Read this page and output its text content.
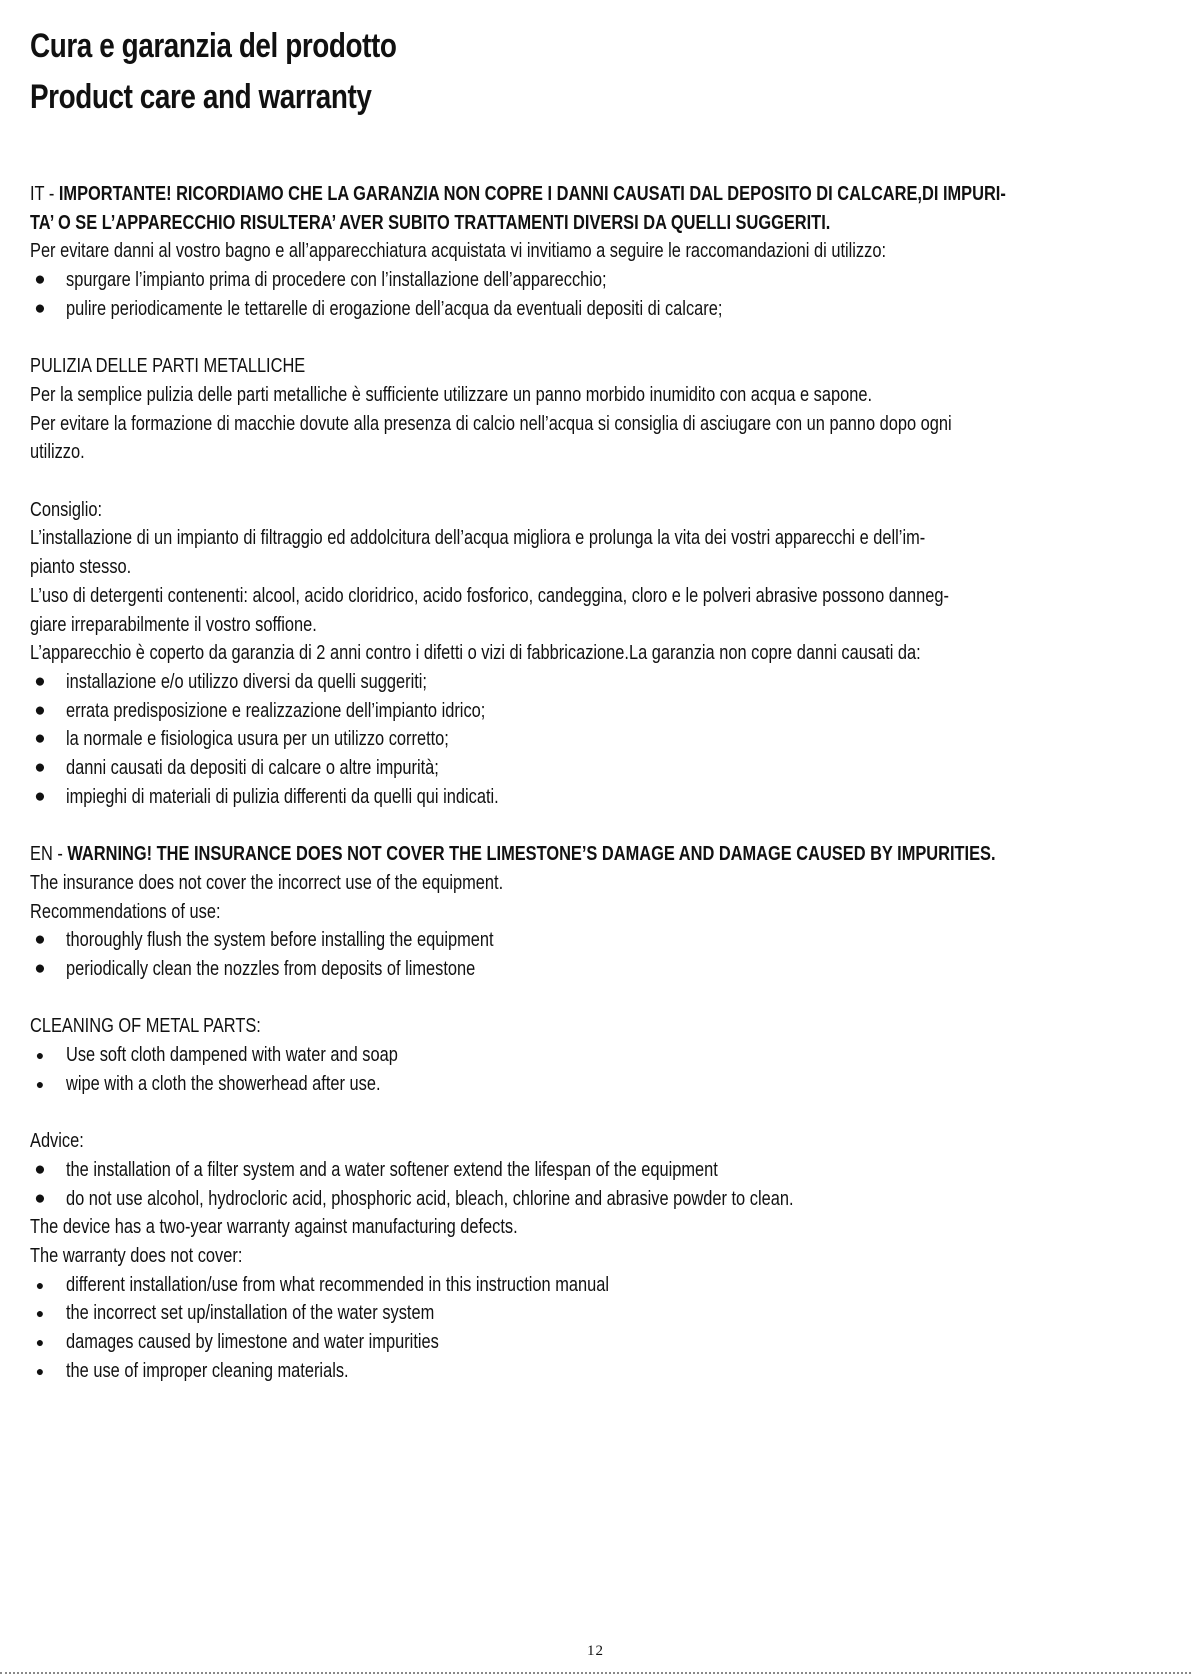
Cura e garanzia del prodotto
Product care and warranty

IT - IMPORTANTE! RICORDIAMO CHE LA GARANZIA NON COPRE I DANNI CAUSATI DAL DEPOSITO DI CALCARE,DI IMPURI-

TA’ O SE L’APPARECCHIO RISULTERA’ AVER SUBITO TRATTAMENTI DIVERSI DA QUELLI SUGGERITI.

Per evitare danni al vostro bagno e all’apparecchiatura acquistata vi invitiamo a seguire le raccomandazioni di utilizzo:

● spurgare l’impianto prima di procedere con l’installazione dell’apparecchio;
● pulire periodicamente le tettarelle di erogazione dell’acqua da eventuali depositi di calcare;

PULIZIA DELLE PARTI METALLICHE

Per la semplice pulizia delle parti metalliche è sufficiente utilizzare un panno morbido inumidito con acqua e sapone.

Per evitare la formazione di macchie dovute alla presenza di calcio nell’acqua si consiglia di asciugare con un panno dopo ogni

utilizzo.

Consiglio:

L’installazione di un impianto di filtraggio ed addolcitura dell’acqua migliora e prolunga la vita dei vostri apparecchi e dell’im-

pianto stesso.

L’uso di detergenti contenenti: alcool, acido cloridrico, acido fosforico, candeggina, cloro e le polveri abrasive possono danneg-

giare irreparabilmente il vostro soffione.

L’apparecchio è coperto da garanzia di 2 anni contro i difetti o vizi di fabbricazione.La garanzia non copre danni causati da:

● installazione e/o utilizzo diversi da quelli suggeriti;
● errata predisposizione e realizzazione dell’impianto idrico;
● la normale e fisiologica usura per un utilizzo corretto;
● danni causati da depositi di calcare o altre impurità;
● impieghi di materiali di pulizia differenti da quelli qui indicati.

EN - WARNING! THE INSURANCE DOES NOT COVER THE LIMESTONE’S DAMAGE AND DAMAGE CAUSED BY IMPURITIES.

The insurance does not cover the incorrect use of the equipment.

Recommendations of use:

● thoroughly flush the system before installing the equipment
● periodically clean the nozzles from deposits of limestone

CLEANING OF METAL PARTS:

● Use soft cloth dampened with water and soap
● wipe with a cloth the showerhead after use.

Advice:

● the installation of a filter system and a water softener extend the lifespan of the equipment
● do not use alcohol, hydrocloric acid, phosphoric acid, bleach, chlorine and abrasive powder to clean.

The device has a two-year warranty against manufacturing defects.

The warranty does not cover:

● different installation/use from what recommended in this instruction manual
● the incorrect set up/installation of the water system
● damages caused by limestone and water impurities
● the use of improper cleaning materials.
12
